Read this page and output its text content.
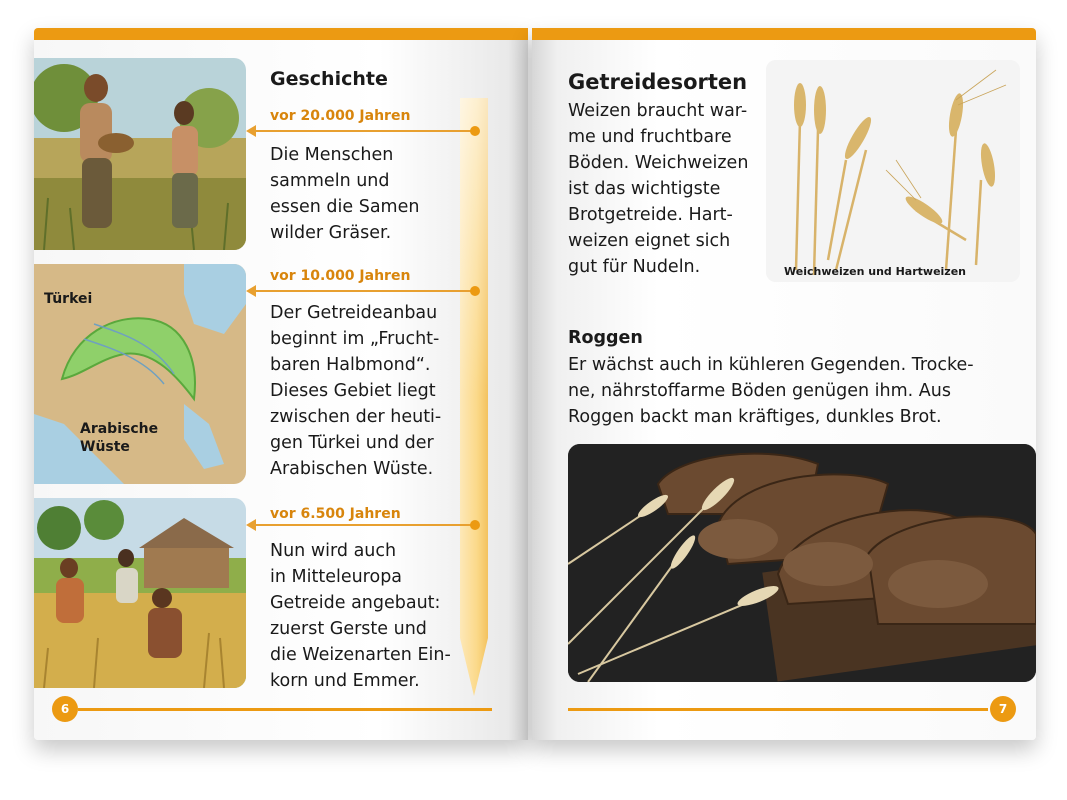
Türkei
Arabische
Wüste
Geschichte
vor 20.000 Jahren
Die Menschen
sammeln und
essen die Samen
wilder Gräser.
vor 10.000 Jahren
Der Getreideanbau
beginnt im „Frucht-
baren Halbmond“.
Dieses Gebiet liegt
zwischen der heuti-
gen Türkei und der
Arabischen Wüste.
vor 6.500 Jahren
Nun wird auch
in Mitteleuropa
Getreide angebaut:
zuerst Gerste und
die Weizenarten Ein-
korn und Emmer.
6
Getreidesorten
Weizen braucht war-
me und fruchtbare
Böden. Weichweizen
ist das wichtigste
Brotgetreide. Hart-
weizen eignet sich
gut für Nudeln.	Weichweizen und Hartweizen
Roggen
Er wächst auch in kühleren Gegenden. Trocke-
ne, nährstoffarme Böden genügen ihm. Aus
Roggen backt man kräftiges, dunkles Brot.
7
